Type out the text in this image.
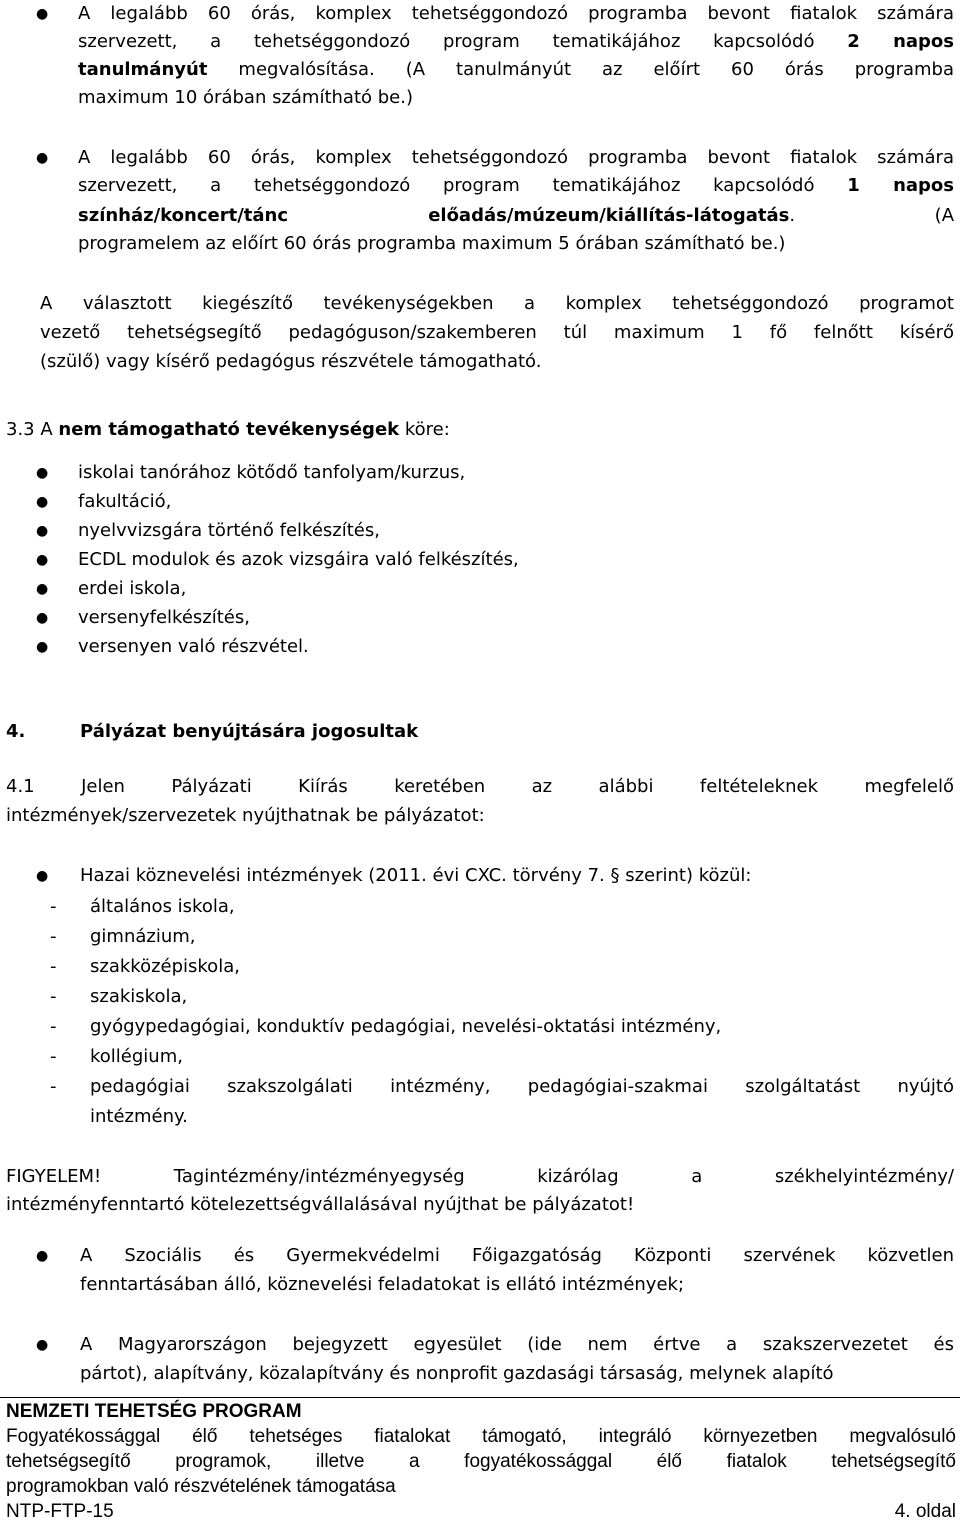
● A legalább 60 órás, komplex tehetséggondozó programba bevont fiatalok számára
szervezett, a tehetséggondozó program tematikájához kapcsolódó 2 napos
tanulmányút megvalósítása. (A tanulmányút az előírt 60 órás programba
maximum 10 órában számítható be.)
● A legalább 60 órás, komplex tehetséggondozó programba bevont fiatalok számára
szervezett, a tehetséggondozó program tematikájához kapcsolódó 1 napos
színház/koncert/tánc előadás/múzeum/kiállítás-látogatás. (A
programelem az előírt 60 órás programba maximum 5 órában számítható be.)
A választott kiegészítő tevékenységekben a komplex tehetséggondozó programot
vezető tehetségsegítő pedagóguson/szakemberen túl maximum 1 fő felnőtt kísérő
(szülő) vagy kísérő pedagógus részvétele támogatható.
3.3 A nem támogatható tevékenységek köre:
● iskolai tanórához kötődő tanfolyam/kurzus,
● fakultáció,
● nyelvvizsgára történő felkészítés,
● ECDL modulok és azok vizsgáira való felkészítés,
● erdei iskola,
● versenyfelkészítés,
● versenyen való részvétel.
4.	Pályázat benyújtására jogosultak
4.1 Jelen Pályázati Kiírás keretében az alábbi feltételeknek megfelelő
intézmények/szervezetek nyújthatnak be pályázatot:
● Hazai köznevelési intézmények (2011. évi CXC. törvény 7. § szerint) közül:
- általános iskola,
- gimnázium,
- szakközépiskola,
- szakiskola,
- gyógypedagógiai, konduktív pedagógiai, nevelési-oktatási intézmény,
- kollégium,
- pedagógiai szakszolgálati intézmény, pedagógiai-szakmai szolgáltatást nyújtó
intézmény.
FIGYELEM! Tagintézmény/intézményegység kizárólag a székhelyintézmény/
intézményfenntartó kötelezettségvállalásával nyújthat be pályázatot!
● A Szociális és Gyermekvédelmi Főigazgatóság Központi szervének közvetlen
fenntartásában álló, köznevelési feladatokat is ellátó intézmények;
● A Magyarországon bejegyzett egyesület (ide nem értve a szakszervezetet és
pártot), alapítvány, közalapítvány és nonprofit gazdasági társaság, melynek alapító
NEMZETI TEHETSÉG PROGRAM
Fogyatékossággal élő tehetséges fiatalokat támogató, integráló környezetben megvalósuló
tehetségsegítő programok, illetve a fogyatékossággal élő fiatalok tehetségsegítő
programokban való részvételének támogatása
NTP-FTP-15	4. oldal
